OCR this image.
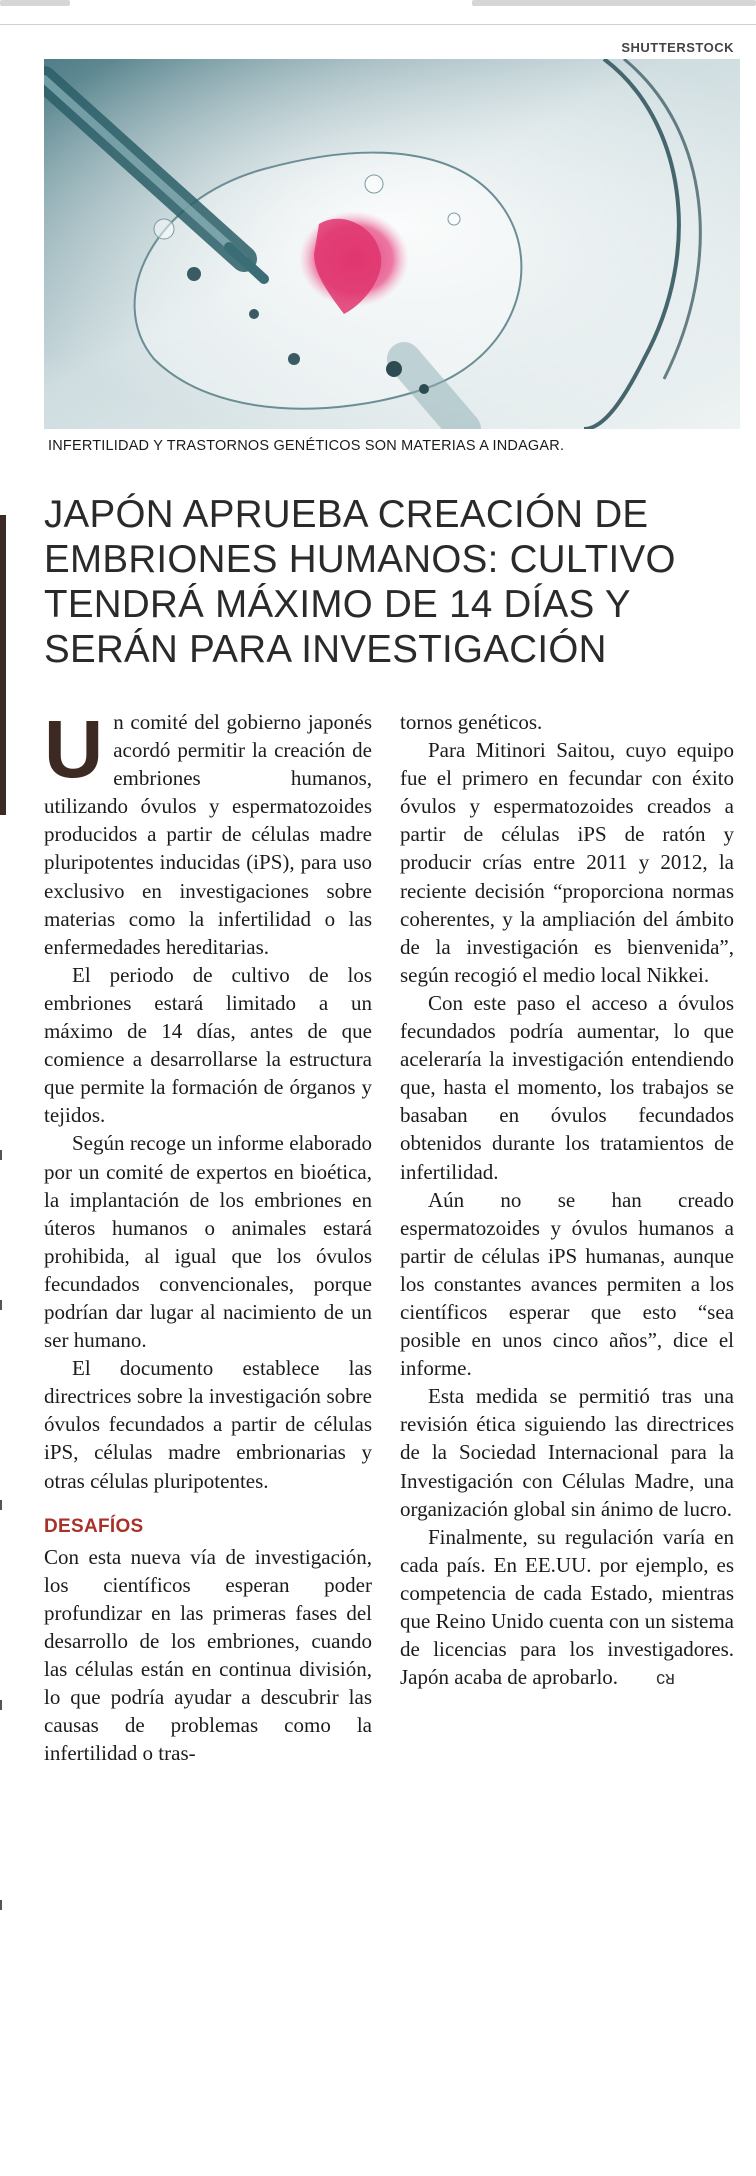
SHUTTERSTOCK
INFERTILIDAD Y TRASTORNOS GENÉTICOS SON MATERIAS A INDAGAR.
JAPÓN APRUEBA CREACIÓN DE EMBRIONES HUMANOS: CULTIVO TENDRÁ MÁXIMO DE 14 DÍAS Y SERÁN PARA INVESTIGACIÓN

Un comité del gobierno japonés acordó permitir la creación de embriones humanos, utilizando óvulos y espermatozoides producidos a partir de células madre pluripotentes inducidas (iPS), para uso exclusivo en investigaciones sobre materias como la infertilidad o las enfermedades hereditarias.

El periodo de cultivo de los embriones estará limitado a un máximo de 14 días, antes de que comience a desarrollarse la estructura que permite la formación de órganos y tejidos.

Según recoge un informe elaborado por un comité de expertos en bioética, la implantación de los embriones en úteros humanos o animales estará prohibida, al igual que los óvulos fecundados convencionales, porque podrían dar lugar al nacimiento de un ser humano.

El documento establece las directrices sobre la investigación sobre óvulos fecundados a partir de células iPS, células madre embrionarias y otras células pluripotentes.

DESAFÍOS

Con esta nueva vía de investigación, los científicos esperan poder profundizar en las primeras fases del desarrollo de los embriones, cuando las células están en continua división, lo que podría ayudar a descubrir las causas de problemas como la infertilidad o tras-

tornos genéticos.

Para Mitinori Saitou, cuyo equipo fue el primero en fecundar con éxito óvulos y espermatozoides creados a partir de células iPS de ratón y producir crías entre 2011 y 2012, la reciente decisión “proporciona normas coherentes, y la ampliación del ámbito de la investigación es bienvenida”, según recogió el medio local Nikkei.

Con este paso el acceso a óvulos fecundados podría aumentar, lo que aceleraría la investigación entendiendo que, hasta el momento, los trabajos se basaban en óvulos fecundados obtenidos durante los tratamientos de infertilidad.

Aún no se han creado espermatozoides y óvulos humanos a partir de células iPS humanas, aunque los constantes avances permiten a los científicos esperar que esto “sea posible en unos cinco años”, dice el informe.

Esta medida se permitió tras una revisión ética siguiendo las directrices de la Sociedad Internacional para la Investigación con Células Madre, una organización global sin ánimo de lucro.

Finalmente, su regulación varía en cada país. En EE.UU. por ejemplo, es competencia de cada Estado, mientras que Reino Unido cuenta con un sistema de licencias para los investigadores. Japón acaba de aprobarlo. ᴄᴚ
